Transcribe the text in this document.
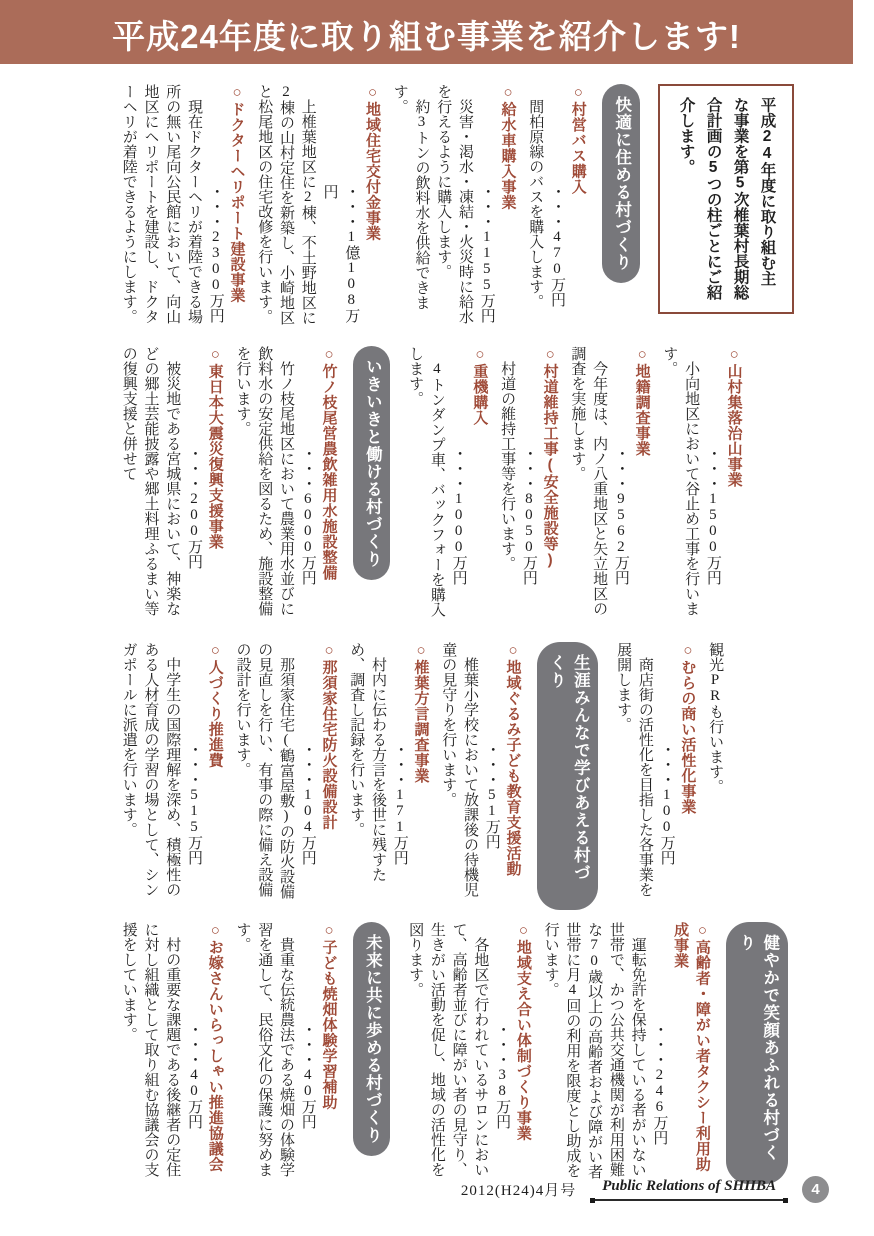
平成24年度に取り組む事業を紹介します!
平成24年度に取り組む主な事業を第5次椎葉村長期総合計画の5つの柱ごとにご紹介します。
快適に住める村づくり
○村営バス購入

・・・470万円

間柏原線のバスを購入します。

○給水車購入事業

・・・1155万円

災害・渇水・凍結・火災時に給水を行えるように購入します。

約3トンの飲料水を供給できます。

○地域住宅交付金事業

・・・1億108万円

上椎葉地区に2棟、不土野地区に2棟の山村定住を新築し、小崎地区と松尾地区の住宅改修を行います。

○ドクターヘリポート建設事業

・・・2300万円

現在ドクターヘリが着陸できる場所の無い尾向公民館において、向山地区にヘリポートを建設し、ドクターヘリが着陸できるようにします。

○山村集落治山事業

・・・1500万円

小向地区において谷止め工事を行います。

○地籍調査事業

・・・9562万円

今年度は、内ノ八重地区と矢立地区の調査を実施します。

○村道維持工事(安全施設等)

・・・8050万円

村道の維持工事等を行います。

○重機購入

・・・1000万円

4トンダンプ車、バックフォーを購入します。

いきいきと働ける村づくり
○竹ノ枝尾営農飲雑用水施設整備

・・・6000万円

竹ノ枝尾地区において農業用水並びに飲料水の安定供給を図るため、施設整備を行います。

○東日本大震災復興支援事業

・・・200万円

被災地である宮城県において、神楽などの郷土芸能披露や郷土料理ふるまい等の復興支援と併せて

観光PRも行います。

○むらの商い活性化事業

・・・100万円

商店街の活性化を目指した各事業を展開します。

生涯みんなで学びあえる村づくり
○地域ぐるみ子ども教育支援活動

・・・51万円

椎葉小学校において放課後の待機児童の見守りを行います。

○椎葉方言調査事業

・・・171万円

村内に伝わる方言を後世に残すため、調査し記録を行います。

○那須家住宅防火設備設計

・・・104万円

那須家住宅(鶴富屋敷)の防火設備の見直しを行い、有事の際に備え設備の設計を行います。

○人づくり推進費

・・・515万円

中学生の国際理解を深め、積極性のある人材育成の学習の場として、シンガポールに派遣を行います。

健やかで笑顔あふれる村づくり
○高齢者・障がい者タクシー利用助成事業

・・・246万円

運転免許を保持している者がいない世帯で、かつ公共交通機関が利用困難な70歳以上の高齢者および障がい者世帯に月4回の利用を限度とし助成を行います。

○地域支え合い体制づくり事業

・・・38万円

各地区で行われているサロンにおいて、高齢者並びに障がい者の見守り、生きがい活動を促し、地域の活性化を図ります。

未来に共に歩める村づくり
○子ども焼畑体験学習補助

・・・40万円

貴重な伝統農法である焼畑の体験学習を通して、民俗文化の保護に努めます。

○お嫁さんいらっしゃい推進協議会

・・・40万円

村の重要な課題である後継者の定住に対し組織として取り組む協議会の支援をしています。

2012(H24)4月号	Public Relations of SHIIBA	4
